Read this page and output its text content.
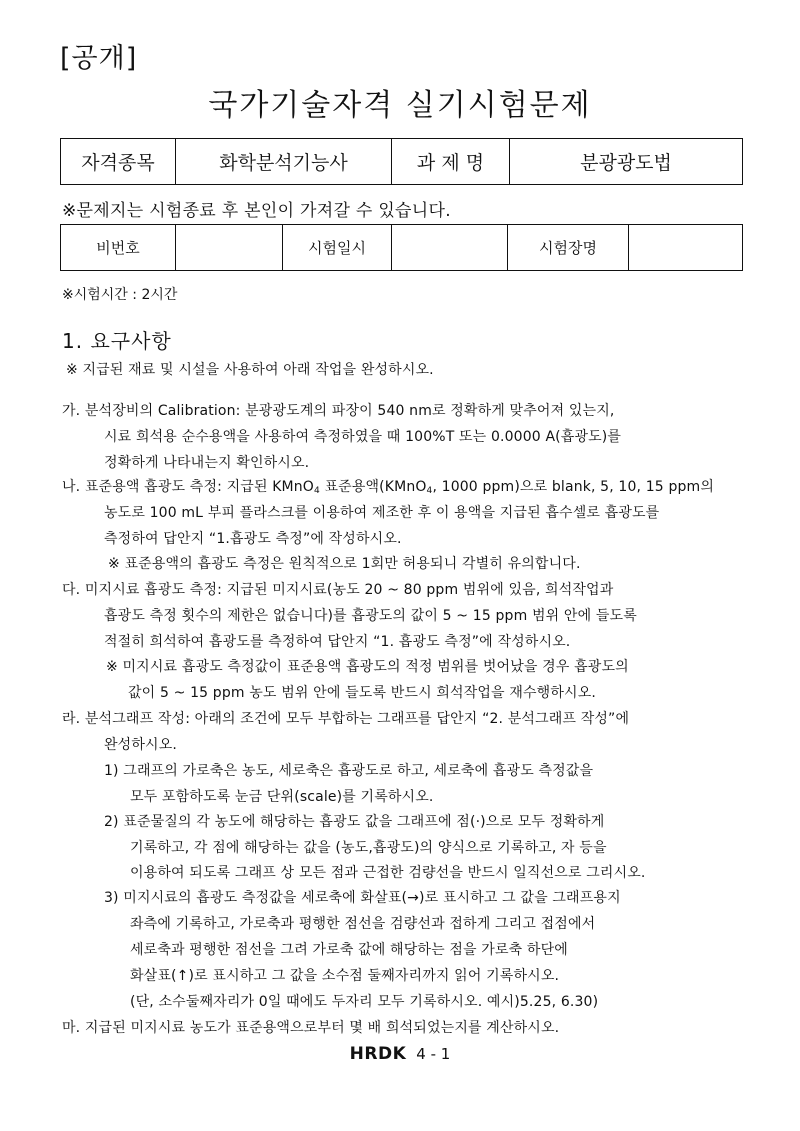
[공개]
국가기술자격 실기시험문제
자격종목	화학분석기능사	과 제 명	분광광도법
※문제지는 시험종료 후 본인이 가져갈 수 있습니다.
비번호		시험일시		시험장명	
※시험시간 : 2시간
1. 요구사항
※ 지급된 재료 및 시설을 사용하여 아래 작업을 완성하시오.
가. 분석장비의 Calibration: 분광광도계의 파장이 540 nm로 정확하게 맞추어져 있는지,
시료 희석용 순수용액을 사용하여 측정하였을 때 100%T 또는 0.0000 A(흡광도)를
정확하게 나타내는지 확인하시오.
나. 표준용액 흡광도 측정: 지급된 KMnO$_4$ 표준용액(KMnO$_4$, 1000 ppm)으로 blank, 5, 10, 15 ppm의
농도로 100 mL 부피 플라스크를 이용하여 제조한 후 이 용액을 지급된 흡수셀로 흡광도를
측정하여 답안지 “1.흡광도 측정”에 작성하시오.
※ 표준용액의 흡광도 측정은 원칙적으로 1회만 허용되니 각별히 유의합니다.
다. 미지시료 흡광도 측정: 지급된 미지시료(농도 20 ~ 80 ppm 범위에 있음, 희석작업과
흡광도 측정 횟수의 제한은 없습니다)를 흡광도의 값이 5 ~ 15 ppm 범위 안에 들도록
적절히 희석하여 흡광도를 측정하여 답안지 “1. 흡광도 측정”에 작성하시오.
※ 미지시료 흡광도 측정값이 표준용액 흡광도의 적정 범위를 벗어났을 경우 흡광도의
값이 5 ~ 15 ppm 농도 범위 안에 들도록 반드시 희석작업을 재수행하시오.
라. 분석그래프 작성: 아래의 조건에 모두 부합하는 그래프를 답안지 “2. 분석그래프 작성”에
완성하시오.
1) 그래프의 가로축은 농도, 세로축은 흡광도로 하고, 세로축에 흡광도 측정값을
모두 포함하도록 눈금 단위(scale)를 기록하시오.
2) 표준물질의 각 농도에 해당하는 흡광도 값을 그래프에 점(·)으로 모두 정확하게
기록하고, 각 점에 해당하는 값을 (농도,흡광도)의 양식으로 기록하고, 자 등을
이용하여 되도록 그래프 상 모든 점과 근접한 검량선을 반드시 일직선으로 그리시오.
3) 미지시료의 흡광도 측정값을 세로축에 화살표(→)로 표시하고 그 값을 그래프용지
좌측에 기록하고, 가로축과 평행한 점선을 검량선과 접하게 그리고 접점에서
세로축과 평행한 점선을 그려 가로축 값에 해당하는 점을 가로축 하단에
화살표(↑)로 표시하고 그 값을 소수점 둘째자리까지 읽어 기록하시오.
(단, 소수둘째자리가 0일 때에도 두자리 모두 기록하시오. 예시)5.25, 6.30)
마. 지급된 미지시료 농도가 표준용액으로부터 몇 배 희석되었는지를 계산하시오.
HRDK 4 - 1
